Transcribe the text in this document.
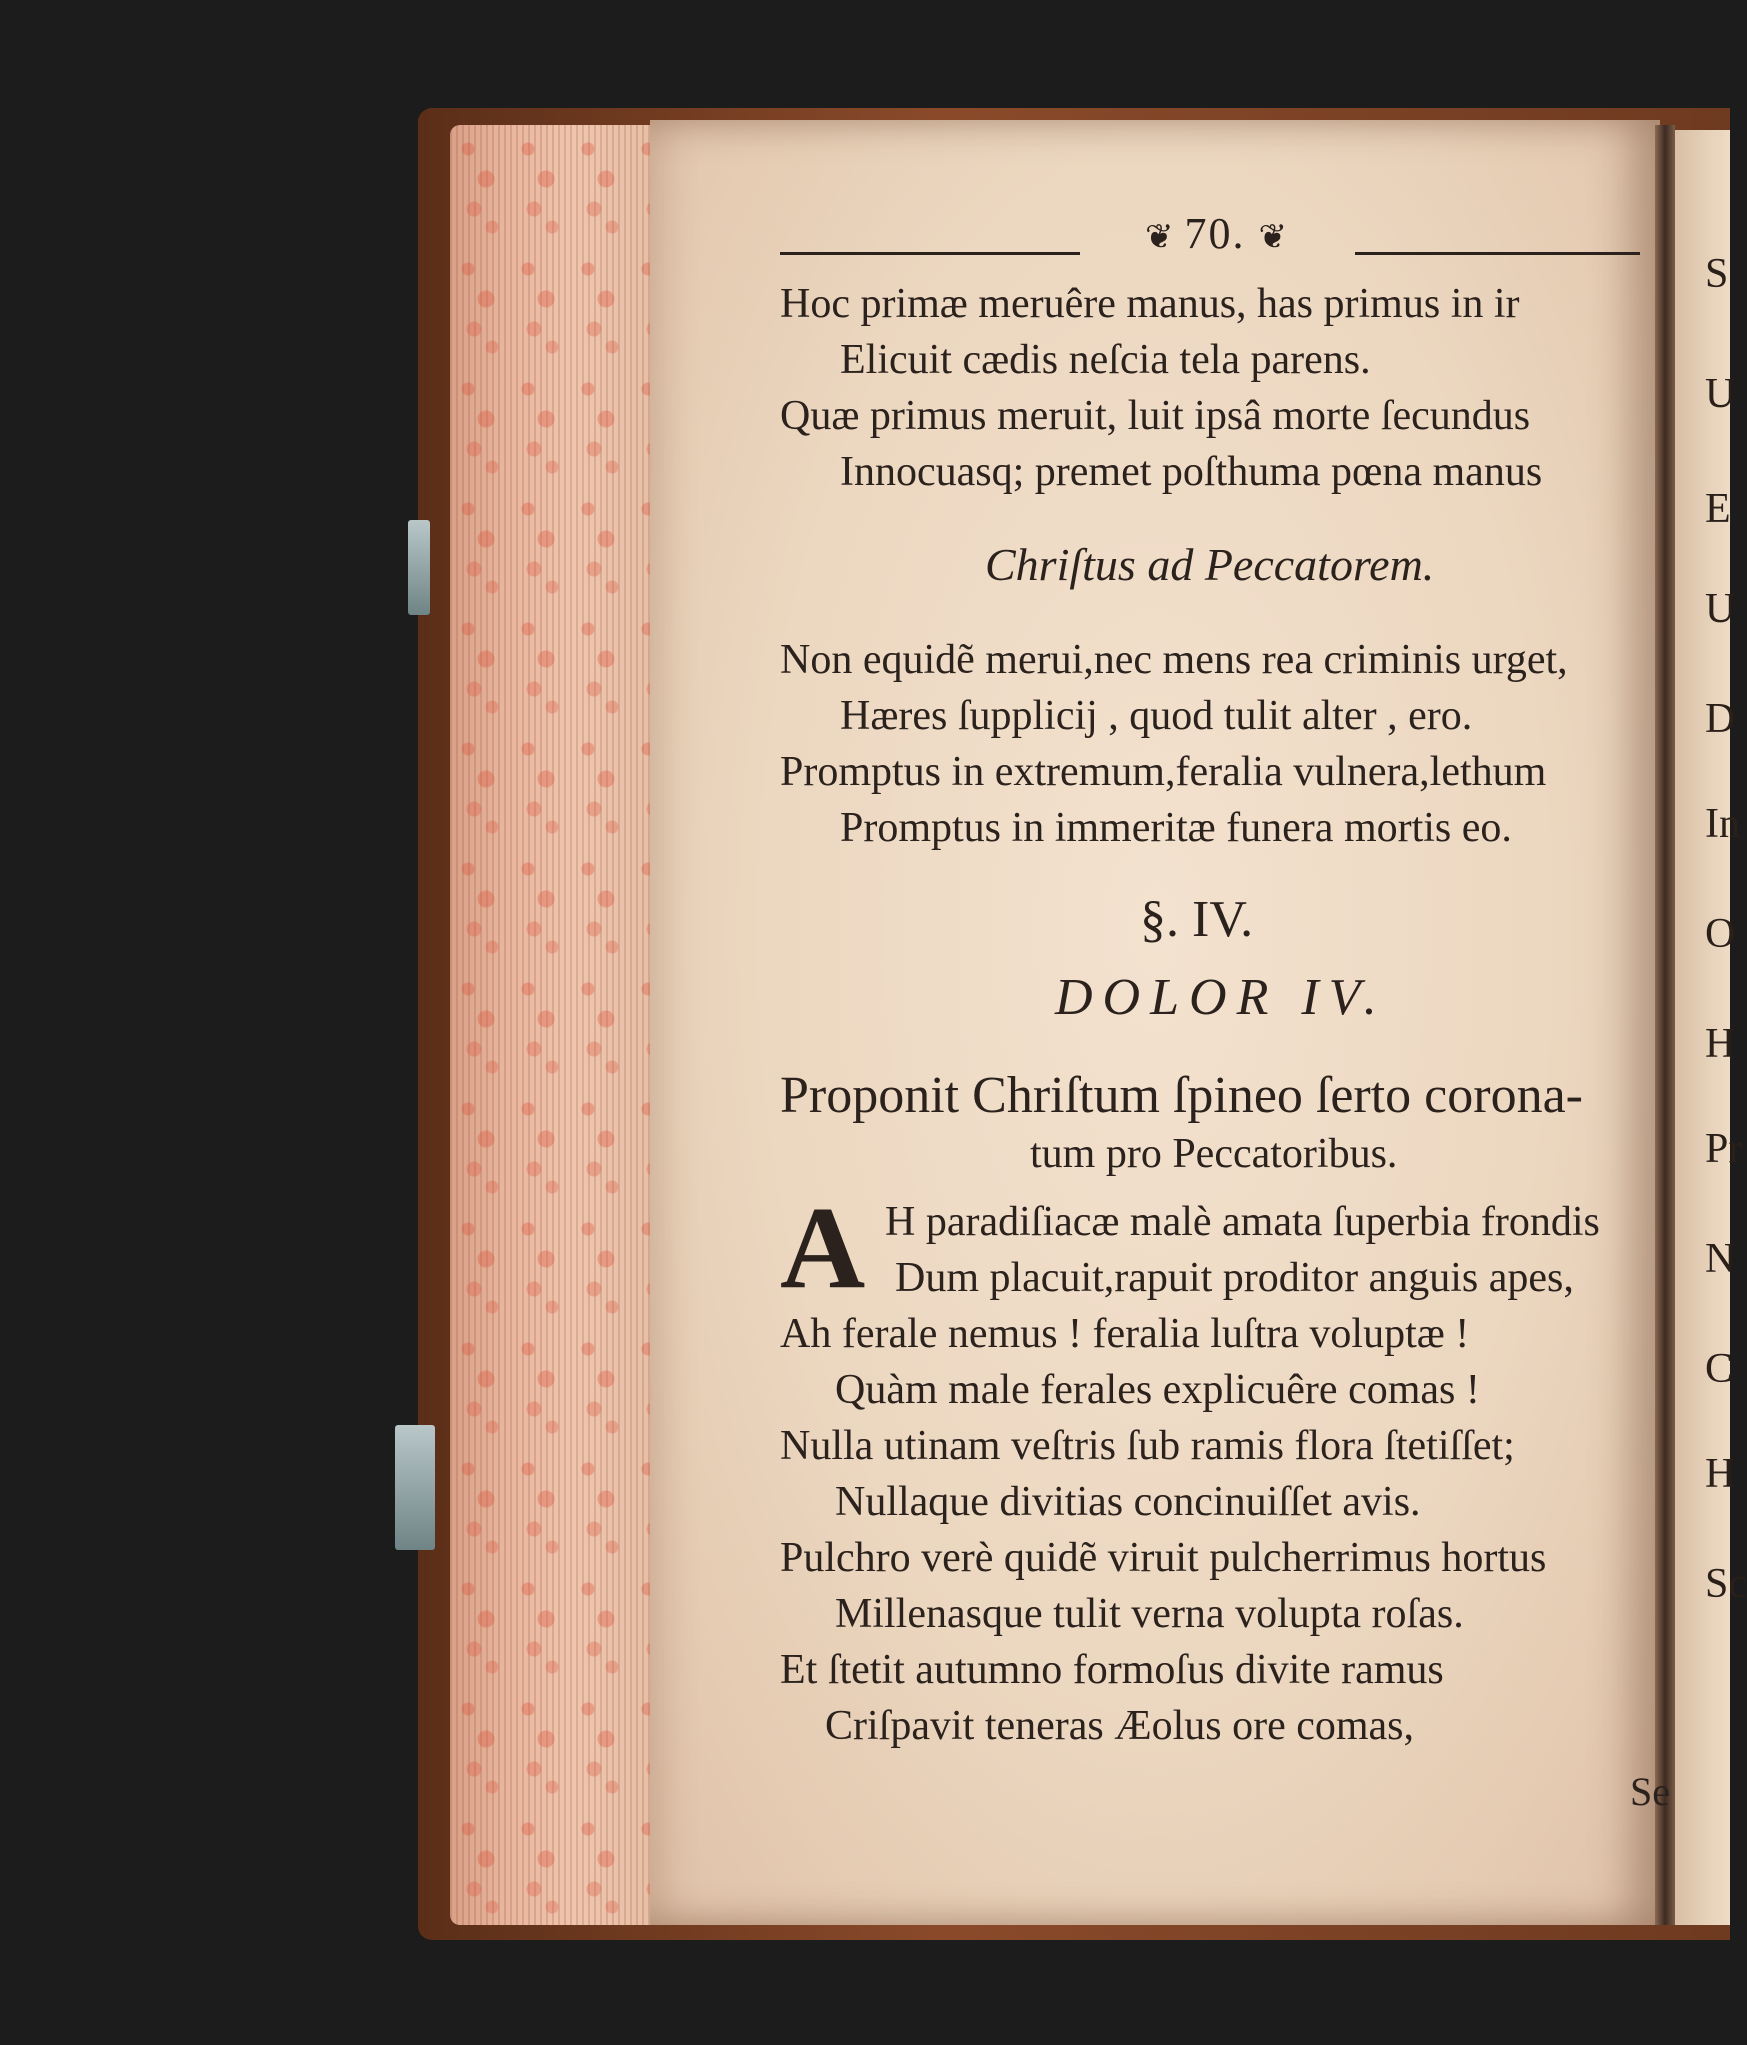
S
U
E
U
D
In
O
H
Pr
N
C
H
Sc
❦ 70. ❦
Hoc primæ meruêre manus, has primus in ir
Elicuit cædis neſcia tela parens.
Quæ primus meruit, luit ipsâ morte ſecundus
Innocuasq; premet poſthuma pœna manus
Chriſtus ad Peccatorem.
Non equidẽ merui,nec mens rea criminis urget,
Hæres ſupplicij , quod tulit alter , ero.
Promptus in extremum,feralia vulnera,lethum
Promptus in immeritæ funera mortis eo.
§. IV.
DOLOR IV.
Proponit Chriſtum ſpineo ſerto corona-
tum pro Peccatoribus.
A H paradiſiacæ malè amata ſuperbia frondis
Dum placuit,rapuit proditor anguis apes,
Ah ferale nemus ! feralia luſtra voluptæ !
Quàm male ferales explicuêre comas !
Nulla utinam veſtris ſub ramis flora ſtetiſſet;
Nullaque divitias concinuiſſet avis.
Pulchro verè quidẽ viruit pulcherrimus hortus
Millenasque tulit verna volupta roſas.
Et ſtetit autumno formoſus divite ramus
Criſpavit teneras Æolus ore comas,
Se
